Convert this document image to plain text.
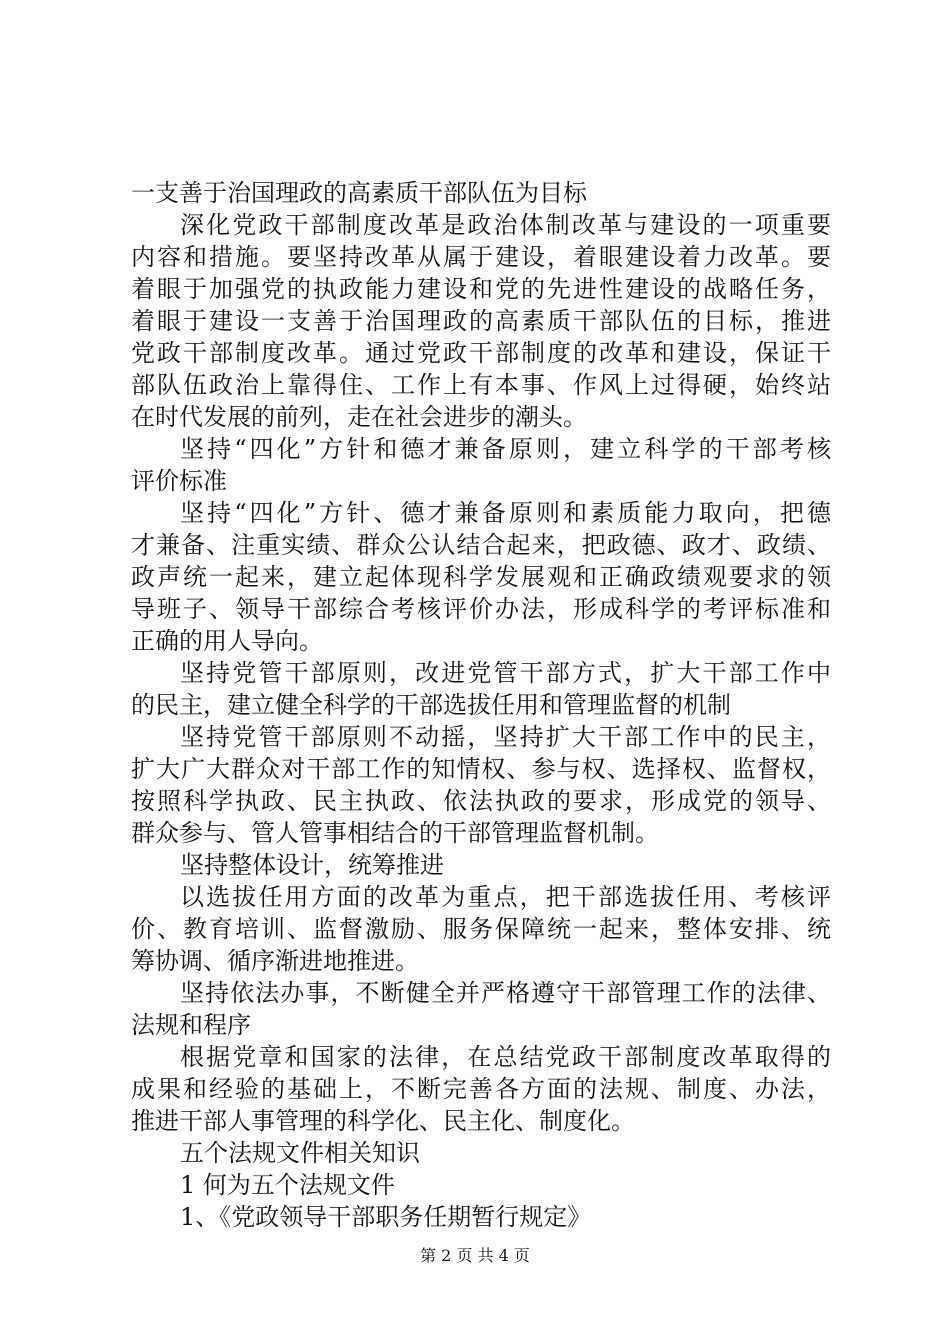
一支善于治国理政的高素质干部队伍为目标
深化党政干部制度改革是政治体制改革与建设的一项重要
内容和措施。要坚持改革从属于建设，着眼建设着力改革。要
着眼于加强党的执政能力建设和党的先进性建设的战略任务，
着眼于建设一支善于治国理政的高素质干部队伍的目标，推进
党政干部制度改革。通过党政干部制度的改革和建设，保证干
部队伍政治上靠得住、工作上有本事、作风上过得硬，始终站
在时代发展的前列，走在社会进步的潮头。
坚持“四化”方针和德才兼备原则，建立科学的干部考核
评价标准
坚持“四化”方针、德才兼备原则和素质能力取向，把德
才兼备、注重实绩、群众公认结合起来，把政德、政才、政绩、
政声统一起来，建立起体现科学发展观和正确政绩观要求的领
导班子、领导干部综合考核评价办法，形成科学的考评标准和
正确的用人导向。
坚持党管干部原则，改进党管干部方式，扩大干部工作中
的民主，建立健全科学的干部选拔任用和管理监督的机制
坚持党管干部原则不动摇，坚持扩大干部工作中的民主，
扩大广大群众对干部工作的知情权、参与权、选择权、监督权，
按照科学执政、民主执政、依法执政的要求，形成党的领导、
群众参与、管人管事相结合的干部管理监督机制。
坚持整体设计，统筹推进
以选拔任用方面的改革为重点，把干部选拔任用、考核评
价、教育培训、监督激励、服务保障统一起来，整体安排、统
筹协调、循序渐进地推进。
坚持依法办事，不断健全并严格遵守干部管理工作的法律、
法规和程序
根据党章和国家的法律，在总结党政干部制度改革取得的
成果和经验的基础上，不断完善各方面的法规、制度、办法，
推进干部人事管理的科学化、民主化、制度化。
五个法规文件相关知识
1 何为五个法规文件
1、《党政领导干部职务任期暂行规定》
第 2 页 共 4 页
